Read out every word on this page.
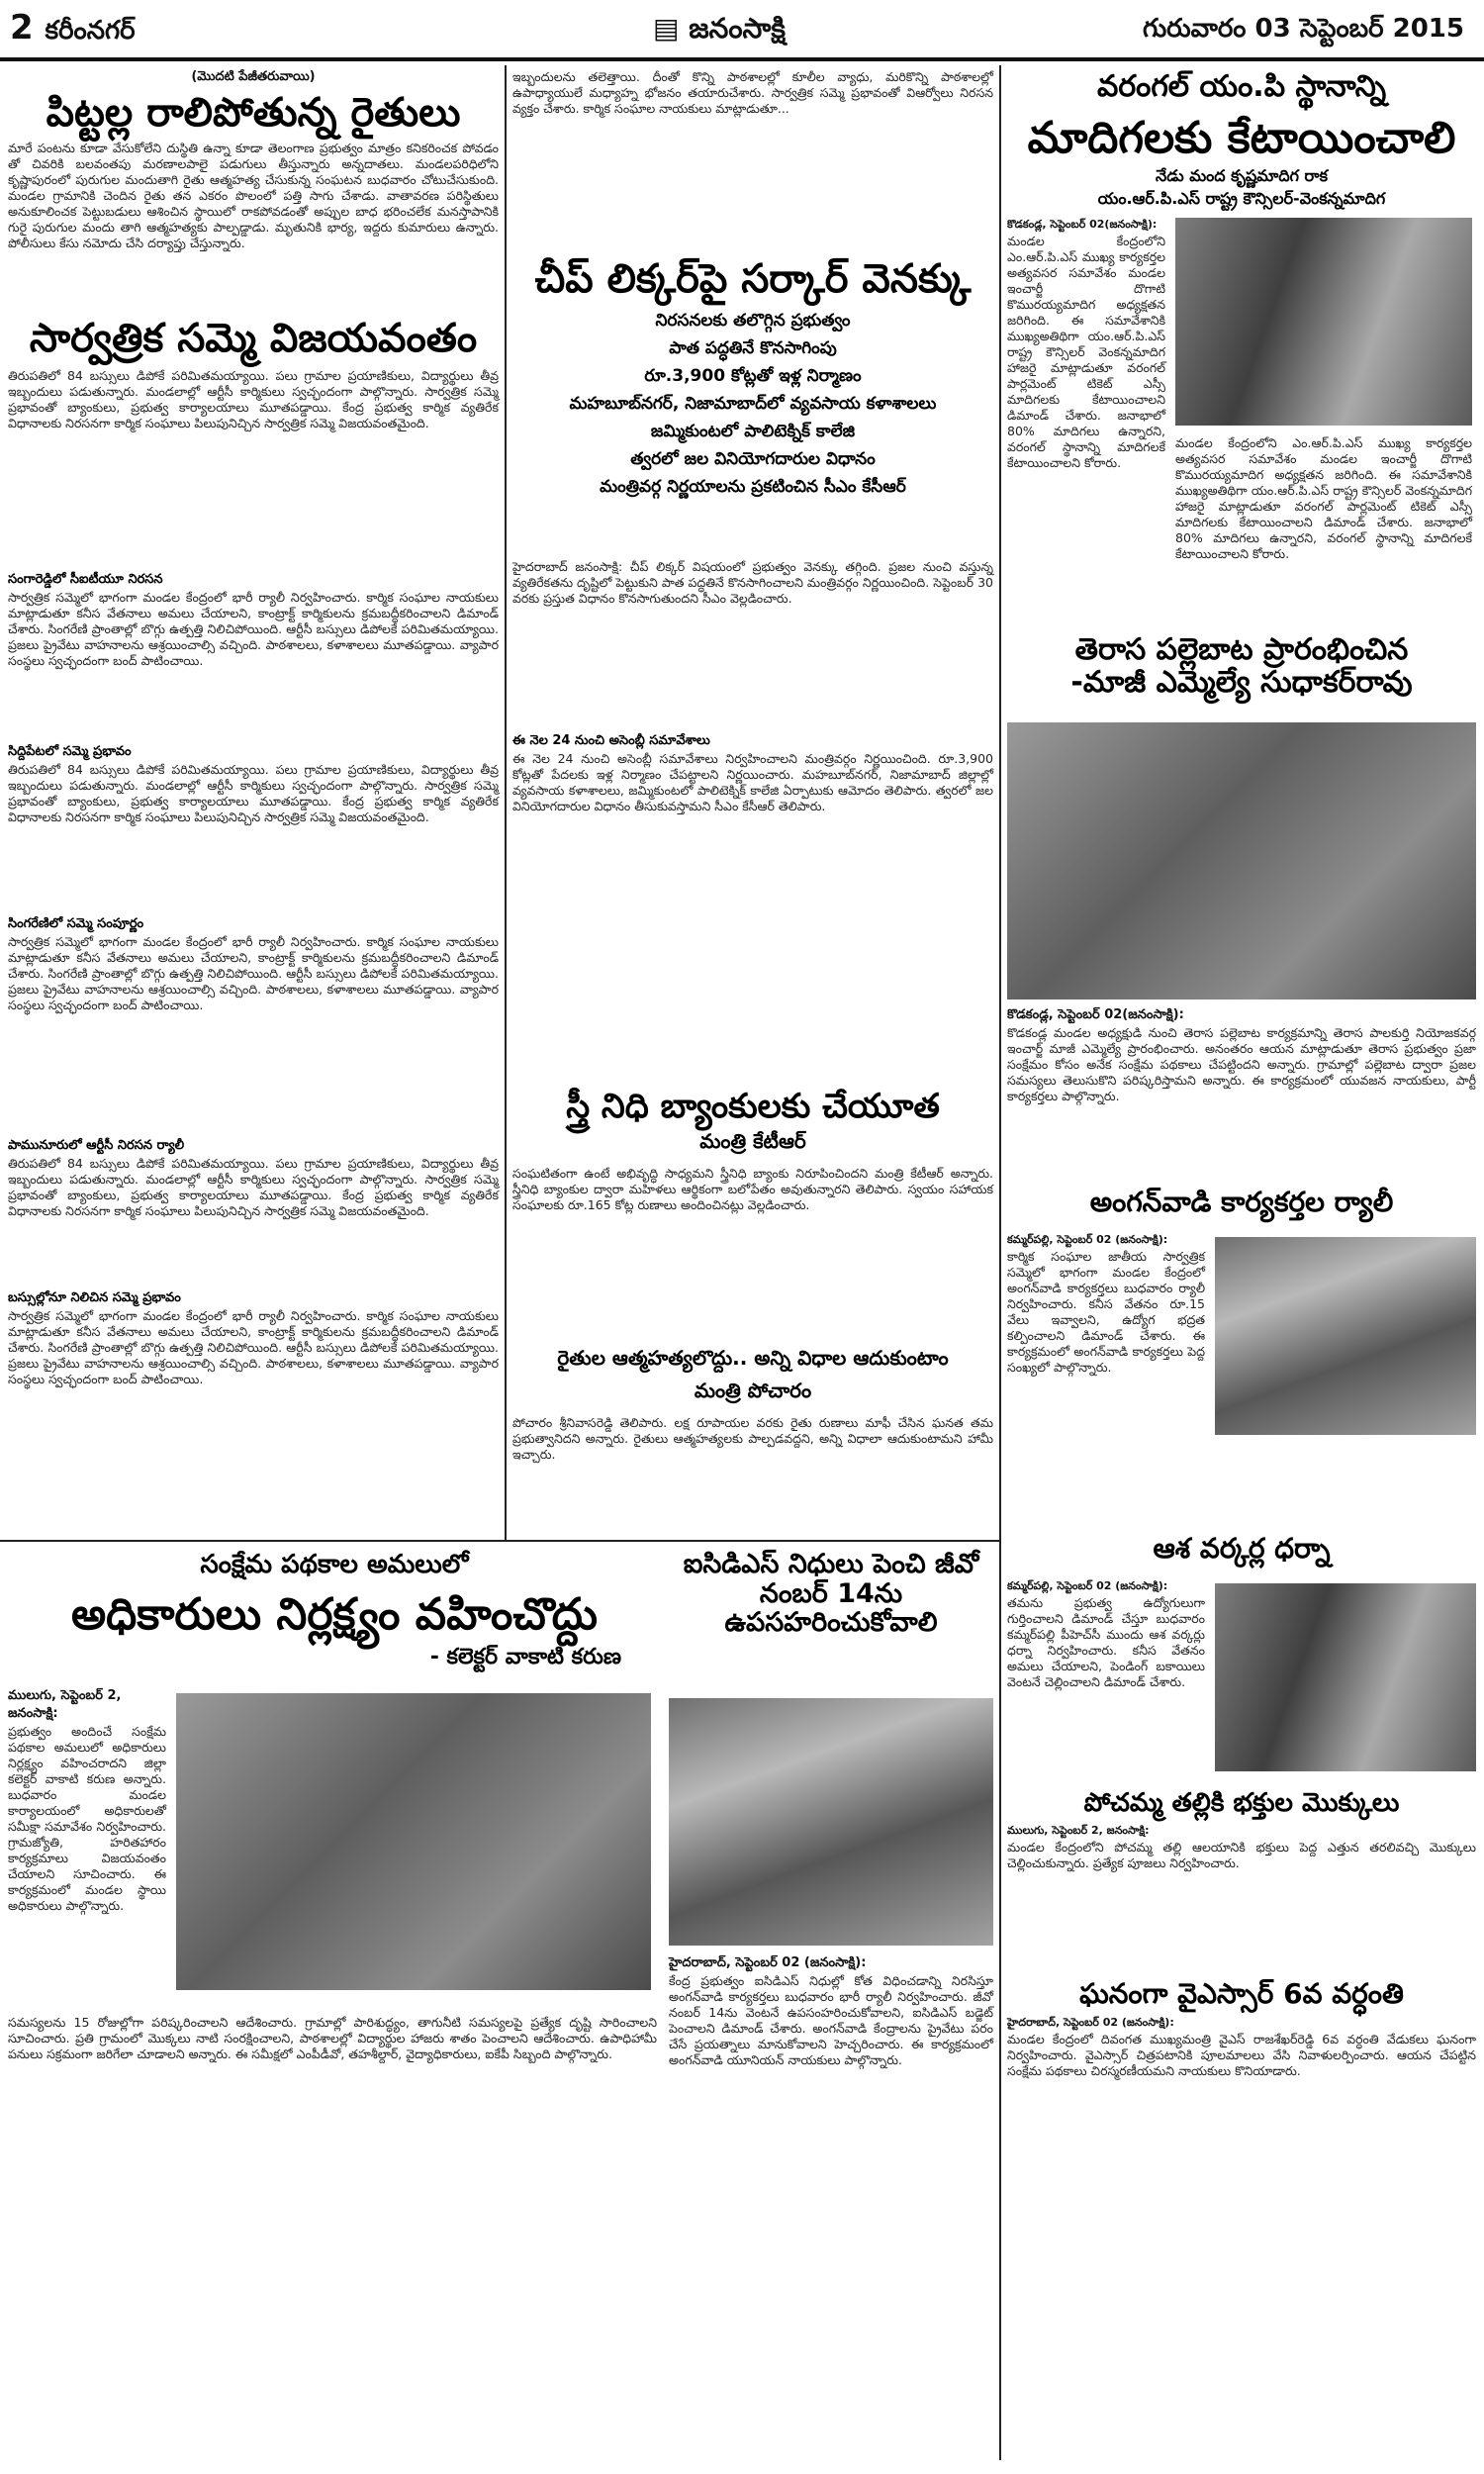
2 కరీంనగర్	▤ జనంసాక్షి	గురువారం 03 సెప్టెంబర్ 2015
(మొదటి పేజీతరువాయి)
పిట్టల్ల రాలిపోతున్న రైతులు
మారే పంటను కూడా వేసుకోలేని దుస్థితి ఉన్నా కూడా తెలంగాణ ప్రభుత్వం మాత్రం కనికరించక పోవడం తో చివరికి బలవంతపు మరణాలపాలై పడుగులు తీస్తున్నారు అన్నదాతలు. మండలపరిధిలోని కృష్ణాపురంలో పురుగుల మందుతాగి రైతు ఆత్మహత్య చేసుకున్న సంఘటన బుధవారం చోటుచేసుకుంది. మండల గ్రామానికి చెందిన రైతు తన ఎకరం పొలంలో పత్తి సాగు చేశాడు. వాతావరణ పరిస్థితులు అనుకూలించక పెట్టుబడులు ఆశించిన స్థాయిలో రాకపోవడంతో అప్పుల బాధ భరించలేక మనస్తాపానికి గురై పురుగుల మందు తాగి ఆత్మహత్యకు పాల్పడ్డాడు. మృతునికి భార్య, ఇద్దరు కుమారులు ఉన్నారు. పోలీసులు కేసు నమోదు చేసి దర్యాప్తు చేస్తున్నారు.
సార్వత్రిక సమ్మె విజయవంతం
తిరుపతిలో 84 బస్సులు డిపోకే పరిమితమయ్యాయి. పలు గ్రామాల ప్రయాణికులు, విద్యార్థులు తీవ్ర ఇబ్బందులు పడుతున్నారు. మండలాల్లో ఆర్టీసీ కార్మికులు స్వచ్ఛందంగా పాల్గొన్నారు. సార్వత్రిక సమ్మె ప్రభావంతో బ్యాంకులు, ప్రభుత్వ కార్యాలయాలు మూతపడ్డాయి. కేంద్ర ప్రభుత్వ కార్మిక వ్యతిరేక విధానాలకు నిరసనగా కార్మిక సంఘాలు పిలుపునిచ్చిన సార్వత్రిక సమ్మె విజయవంతమైంది.
సంగారెడ్డిలో సీఐటీయూ నిరసన
సార్వత్రిక సమ్మెలో భాగంగా మండల కేంద్రంలో భారీ ర్యాలీ నిర్వహించారు. కార్మిక సంఘాల నాయకులు మాట్లాడుతూ కనీస వేతనాలు అమలు చేయాలని, కాంట్రాక్ట్ కార్మికులను క్రమబద్ధీకరించాలని డిమాండ్ చేశారు. సింగరేణి ప్రాంతాల్లో బొగ్గు ఉత్పత్తి నిలిచిపోయింది. ఆర్టీసీ బస్సులు డిపోలకే పరిమితమయ్యాయి. ప్రజలు ప్రైవేటు వాహనాలను ఆశ్రయించాల్సి వచ్చింది. పాఠశాలలు, కళాశాలలు మూతపడ్డాయి. వ్యాపార సంస్థలు స్వచ్ఛందంగా బంద్ పాటించాయి.
సిద్దిపేటలో సమ్మె ప్రభావం
తిరుపతిలో 84 బస్సులు డిపోకే పరిమితమయ్యాయి. పలు గ్రామాల ప్రయాణికులు, విద్యార్థులు తీవ్ర ఇబ్బందులు పడుతున్నారు. మండలాల్లో ఆర్టీసీ కార్మికులు స్వచ్ఛందంగా పాల్గొన్నారు. సార్వత్రిక సమ్మె ప్రభావంతో బ్యాంకులు, ప్రభుత్వ కార్యాలయాలు మూతపడ్డాయి. కేంద్ర ప్రభుత్వ కార్మిక వ్యతిరేక విధానాలకు నిరసనగా కార్మిక సంఘాలు పిలుపునిచ్చిన సార్వత్రిక సమ్మె విజయవంతమైంది.
సింగరేణిలో సమ్మె సంపూర్ణం
సార్వత్రిక సమ్మెలో భాగంగా మండల కేంద్రంలో భారీ ర్యాలీ నిర్వహించారు. కార్మిక సంఘాల నాయకులు మాట్లాడుతూ కనీస వేతనాలు అమలు చేయాలని, కాంట్రాక్ట్ కార్మికులను క్రమబద్ధీకరించాలని డిమాండ్ చేశారు. సింగరేణి ప్రాంతాల్లో బొగ్గు ఉత్పత్తి నిలిచిపోయింది. ఆర్టీసీ బస్సులు డిపోలకే పరిమితమయ్యాయి. ప్రజలు ప్రైవేటు వాహనాలను ఆశ్రయించాల్సి వచ్చింది. పాఠశాలలు, కళాశాలలు మూతపడ్డాయి. వ్యాపార సంస్థలు స్వచ్ఛందంగా బంద్ పాటించాయి.
పామునూరులో ఆర్టీసీ నిరసన ర్యాలీ
తిరుపతిలో 84 బస్సులు డిపోకే పరిమితమయ్యాయి. పలు గ్రామాల ప్రయాణికులు, విద్యార్థులు తీవ్ర ఇబ్బందులు పడుతున్నారు. మండలాల్లో ఆర్టీసీ కార్మికులు స్వచ్ఛందంగా పాల్గొన్నారు. సార్వత్రిక సమ్మె ప్రభావంతో బ్యాంకులు, ప్రభుత్వ కార్యాలయాలు మూతపడ్డాయి. కేంద్ర ప్రభుత్వ కార్మిక వ్యతిరేక విధానాలకు నిరసనగా కార్మిక సంఘాలు పిలుపునిచ్చిన సార్వత్రిక సమ్మె విజయవంతమైంది.
బస్సుల్లోనూ నిలిచిన సమ్మె ప్రభావం
సార్వత్రిక సమ్మెలో భాగంగా మండల కేంద్రంలో భారీ ర్యాలీ నిర్వహించారు. కార్మిక సంఘాల నాయకులు మాట్లాడుతూ కనీస వేతనాలు అమలు చేయాలని, కాంట్రాక్ట్ కార్మికులను క్రమబద్ధీకరించాలని డిమాండ్ చేశారు. సింగరేణి ప్రాంతాల్లో బొగ్గు ఉత్పత్తి నిలిచిపోయింది. ఆర్టీసీ బస్సులు డిపోలకే పరిమితమయ్యాయి. ప్రజలు ప్రైవేటు వాహనాలను ఆశ్రయించాల్సి వచ్చింది. పాఠశాలలు, కళాశాలలు మూతపడ్డాయి. వ్యాపార సంస్థలు స్వచ్ఛందంగా బంద్ పాటించాయి.
ఇబ్బందులను తలెత్తాయి. దీంతో కొన్ని పాఠశాలల్లో కూలీల వ్యాధు, మరికొన్ని పాఠశాలల్లో ఉపాధ్యాయులే మధ్యాహ్న భోజనం తయారుచేశారు. సార్వత్రిక సమ్మె ప్రభావంతో విఆర్వోలు నిరసన వ్యక్తం చేశారు. కార్మిక సంఘాల నాయకులు మాట్లాడుతూ...
చీప్ లిక్కర్‌పై సర్కార్ వెనక్కు
నిరసనలకు తలొగ్గిన ప్రభుత్వం
పాత పద్ధతినే కొనసాగింపు
రూ.3,900 కోట్లతో ఇళ్ల నిర్మాణం
మహబూబ్‌నగర్, నిజామాబాద్‌లో వ్యవసాయ కళాశాలలు
జమ్మికుంటలో పాలిటెక్నిక్ కాలేజి
త్వరలో జల వినియోగదారుల విధానం
మంత్రివర్గ నిర్ణయాలను ప్రకటించిన సీఎం కేసీఆర్
హైదరాబాద్ జనంసాక్షి: చీప్ లిక్కర్ విషయంలో ప్రభుత్వం వెనక్కు తగ్గింది. ప్రజల నుంచి వస్తున్న వ్యతిరేకతను దృష్టిలో పెట్టుకుని పాత పద్ధతినే కొనసాగించాలని మంత్రివర్గం నిర్ణయించింది. సెప్టెంబర్ 30 వరకు ప్రస్తుత విధానం కొనసాగుతుందని సీఎం వెల్లడించారు.
ఈ నెల 24 నుంచి అసెంబ్లీ సమావేశాలు
ఈ నెల 24 నుంచి అసెంబ్లీ సమావేశాలు నిర్వహించాలని మంత్రివర్గం నిర్ణయించింది. రూ.3,900 కోట్లతో పేదలకు ఇళ్ల నిర్మాణం చేపట్టాలని నిర్ణయించారు. మహబూబ్‌నగర్, నిజామాబాద్ జిల్లాల్లో వ్యవసాయ కళాశాలలు, జమ్మికుంటలో పాలిటెక్నిక్ కాలేజి ఏర్పాటుకు ఆమోదం తెలిపారు. త్వరలో జల వినియోగదారుల విధానం తీసుకువస్తామని సీఎం కేసీఆర్ తెలిపారు.
స్త్రీ నిధి బ్యాంకులకు చేయూత
మంత్రి కేటీఆర్
సంఘటితంగా ఉంటే అభివృద్ధి సాధ్యమని స్త్రీనిధి బ్యాంకు నిరూపించిందని మంత్రి కేటీఆర్ అన్నారు. స్త్రీనిధి బ్యాంకుల ద్వారా మహిళలు ఆర్థికంగా బలోపేతం అవుతున్నారని తెలిపారు. స్వయం సహాయక సంఘాలకు రూ.165 కోట్ల రుణాలు అందించినట్లు వెల్లడించారు.
రైతుల ఆత్మహత్యలొద్దు.. అన్ని విధాల ఆదుకుంటాం
మంత్రి పోచారం
పోచారం శ్రీనివాసరెడ్డి తెలిపారు. లక్ష రూపాయల వరకు రైతు రుణాలు మాఫీ చేసిన ఘనత తమ ప్రభుత్వానిదని అన్నారు. రైతులు ఆత్మహత్యలకు పాల్పడవద్దని, అన్ని విధాలా ఆదుకుంటామని హామీ ఇచ్చారు.
సంక్షేమ పథకాల అమలులో
అధికారులు నిర్లక్ష్యం వహించొద్దు
- కలెక్టర్ వాకాటి కరుణ
ములుగు, సెప్టెంబర్ 2, జనంసాక్షి:
ప్రభుత్వం అందించే సంక్షేమ పథకాల అమలులో అధికారులు నిర్లక్ష్యం వహించరాదని జిల్లా కలెక్టర్ వాకాటి కరుణ అన్నారు. బుధవారం మండల కార్యాలయంలో అధికారులతో సమీక్షా సమావేశం నిర్వహించారు. గ్రామజ్యోతి, హరితహారం కార్యక్రమాలు విజయవంతం చేయాలని సూచించారు. ఈ కార్యక్రమంలో మండల స్థాయి అధికారులు పాల్గొన్నారు.
సమస్యలను 15 రోజుల్లోగా పరిష్కరించాలని ఆదేశించారు. గ్రామాల్లో పారిశుద్ధ్యం, తాగునీటి సమస్యలపై ప్రత్యేక దృష్టి సారించాలని సూచించారు. ప్రతి గ్రామంలో మొక్కలు నాటి సంరక్షించాలని, పాఠశాలల్లో విద్యార్థుల హాజరు శాతం పెంచాలని ఆదేశించారు. ఉపాధిహామీ పనులు సక్రమంగా జరిగేలా చూడాలని అన్నారు. ఈ సమీక్షలో ఎంపీడీవో, తహశీల్దార్, వైద్యాధికారులు, ఐకేపీ సిబ్బంది పాల్గొన్నారు.
ఐసిడిఎస్ నిధులు పెంచి జీవో నంబర్ 14ను ఉపసహరించుకోవాలి
హైదరాబాద్, సెప్టెంబర్ 02 (జనంసాక్షి):
కేంద్ర ప్రభుత్వం ఐసిడిఎస్ నిధుల్లో కోత విధించడాన్ని నిరసిస్తూ అంగన్‌వాడి కార్యకర్తలు బుధవారం భారీ ర్యాలీ నిర్వహించారు. జీవో నంబర్ 14ను వెంటనే ఉపసంహరించుకోవాలని, ఐసిడిఎస్ బడ్జెట్ పెంచాలని డిమాండ్ చేశారు. అంగన్‌వాడి కేంద్రాలను ప్రైవేటు పరం చేసే ప్రయత్నాలు మానుకోవాలని హెచ్చరించారు. ఈ కార్యక్రమంలో అంగన్‌వాడి యూనియన్ నాయకులు పాల్గొన్నారు.
వరంగల్ యం.పి స్థానాన్ని
మాదిగలకు కేటాయించాలి
నేడు మంద కృష్ణమాదిగ రాక
యం.ఆర్.పి.ఎస్ రాష్ట్ర కౌన్సిలర్-వెంకన్నమాదిగ
కొడకండ్ల, సెప్టెంబర్ 02(జనంసాక్షి):
మండల కేంద్రంలోని ఎం.ఆర్.పి.ఎస్ ముఖ్య కార్యకర్తల అత్యవసర సమావేశం మండల ఇంచార్జీ దొగాటి కొమురయ్యమాదిగ అధ్యక్షతన జరిగింది. ఈ సమావేశానికి ముఖ్యఅతిథిగా యం.ఆర్.పి.ఎస్ రాష్ట్ర కౌన్సిలర్ వెంకన్నమాదిగ హాజరై మాట్లాడుతూ వరంగల్ పార్లమెంట్ టికెట్ ఎస్సీ మాదిగలకు కేటాయించాలని డిమాండ్ చేశారు. జనాభాలో 80% మాదిగలు ఉన్నారని, వరంగల్ స్థానాన్ని మాదిగలకే కేటాయించాలని కోరారు.
మండల కేంద్రంలోని ఎం.ఆర్.పి.ఎస్ ముఖ్య కార్యకర్తల అత్యవసర సమావేశం మండల ఇంచార్జీ దొగాటి కొమురయ్యమాదిగ అధ్యక్షతన జరిగింది. ఈ సమావేశానికి ముఖ్యఅతిథిగా యం.ఆర్.పి.ఎస్ రాష్ట్ర కౌన్సిలర్ వెంకన్నమాదిగ హాజరై మాట్లాడుతూ వరంగల్ పార్లమెంట్ టికెట్ ఎస్సీ మాదిగలకు కేటాయించాలని డిమాండ్ చేశారు. జనాభాలో 80% మాదిగలు ఉన్నారని, వరంగల్ స్థానాన్ని మాదిగలకే కేటాయించాలని కోరారు.
తెరాస పల్లెబాట ప్రారంభించిన
-మాజీ ఎమ్మెల్యే సుధాకర్‌రావు
కొడకండ్ల, సెప్టెంబర్ 02(జనంసాక్షి):
కొడకండ్ల మండల అధ్యక్షుడి నుంచి తెరాస పల్లెబాట కార్యక్రమాన్ని తెరాస పాలకుర్తి నియోజకవర్గ ఇంచార్జ్ మాజీ ఎమ్మెల్యే ప్రారంభించారు. అనంతరం ఆయన మాట్లాడుతూ తెరాస ప్రభుత్వం ప్రజా సంక్షేమం కోసం అనేక సంక్షేమ పథకాలు చేపట్టిందని అన్నారు. గ్రామాల్లో పల్లెబాట ద్వారా ప్రజల సమస్యలు తెలుసుకొని పరిష్కరిస్తామని అన్నారు. ఈ కార్యక్రమంలో యువజన నాయకులు, పార్టీ కార్యకర్తలు పాల్గొన్నారు.
అంగన్‌వాడి కార్యకర్తల ర్యాలీ
కమ్మర్‌పల్లి, సెప్టెంబర్ 02 (జనంసాక్షి):
కార్మిక సంఘాల జాతీయ సార్వత్రిక సమ్మెలో భాగంగా మండల కేంద్రంలో అంగన్‌వాడి కార్యకర్తలు బుధవారం ర్యాలీ నిర్వహించారు. కనీస వేతనం రూ.15 వేలు ఇవ్వాలని, ఉద్యోగ భద్రత కల్పించాలని డిమాండ్ చేశారు. ఈ కార్యక్రమంలో అంగన్‌వాడి కార్యకర్తలు పెద్ద సంఖ్యలో పాల్గొన్నారు.
ఆశ వర్కర్ల ధర్నా
కమ్మర్‌పల్లి, సెప్టెంబర్ 02 (జనంసాక్షి):
తమను ప్రభుత్వ ఉద్యోగులుగా గుర్తించాలని డిమాండ్ చేస్తూ బుధవారం కమ్మర్‌పల్లి పీహెచ్‌సీ ముందు ఆశ వర్కర్లు ధర్నా నిర్వహించారు. కనీస వేతనం అమలు చేయాలని, పెండింగ్ బకాయిలు వెంటనే చెల్లించాలని డిమాండ్ చేశారు.
పోచమ్మ తల్లికి భక్తుల మొక్కులు
ములుగు, సెప్టెంబర్ 2, జనంసాక్షి:
మండల కేంద్రంలోని పోచమ్మ తల్లి ఆలయానికి భక్తులు పెద్ద ఎత్తున తరలివచ్చి మొక్కులు చెల్లించుకున్నారు. ప్రత్యేక పూజలు నిర్వహించారు.
ఘనంగా వైఎస్సార్ 6వ వర్ధంతి
హైదరాబాద్, సెప్టెంబర్ 02 (జనంసాక్షి):
మండల కేంద్రంలో దివంగత ముఖ్యమంత్రి వైఎస్ రాజశేఖర్‌రెడ్డి 6వ వర్ధంతి వేడుకలు ఘనంగా నిర్వహించారు. వైఎస్సార్ చిత్రపటానికి పూలమాలలు వేసి నివాళులర్పించారు. ఆయన చేపట్టిన సంక్షేమ పథకాలు చిరస్మరణీయమని నాయకులు కొనియాడారు.
